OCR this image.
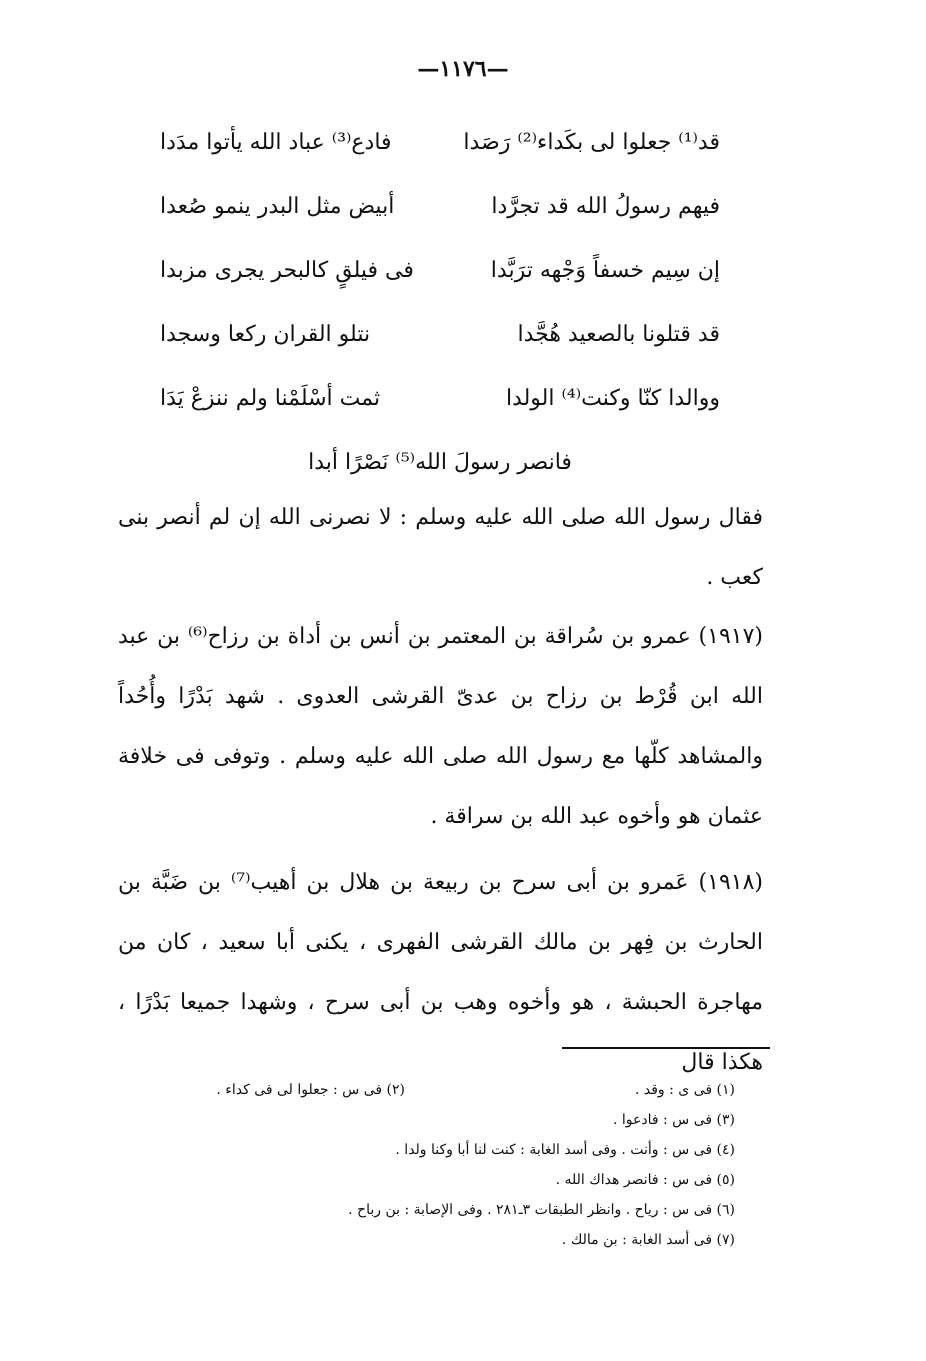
—١١٧٦—
قد⁽¹⁾ جعلوا لى بكَداء⁽²⁾ رَصَدا
فادع⁽³⁾ عباد الله يأتوا مدَدا
فيهم رسولُ الله قد تجرَّدا
أبيض مثل البدر ينمو صُعدا
إن سِيم خسفاً وَجْهه ترَبَّدا
فى فيلقٍ كالبحر يجرى مزبدا
قد قتلونا بالصعيد هُجَّدا
نتلو القران ركعا وسجدا
ووالدا كنّا وكنت⁽⁴⁾ الولدا
ثمت أسْلَمْنا ولم ننزعْ يَدَا
فانصر رسولَ الله⁽⁵⁾ نَصْرًا أبدا
فقال رسول الله صلى الله عليه وسلم : لا نصرنى الله إن لم أنصر بنى كعب .
(١٩١٧) عمرو بن سُراقة بن المعتمر بن أنس بن أداة بن رزاح⁽⁶⁾ بن عبد الله ابن قُرْط بن رزاح بن عدىّ القرشى العدوى . شهد بَدْرًا وأُحُداً والمشاهد كلّها مع رسول الله صلى الله عليه وسلم . وتوفى فى خلافة عثمان هو وأخوه عبد الله بن سراقة .
(١٩١٨) عَمرو بن أبى سرح بن ربيعة بن هلال بن أهيب⁽⁷⁾ بن ضَبَّة بن الحارث بن فِهر بن مالك القرشى الفهرى ، يكنى أبا سعيد ، كان من مهاجرة الحبشة ، هو وأخوه وهب بن أبى سرح ، وشهدا جميعا بَدْرًا ، هكذا قال
(١) فى ى : وقد .
(٢) فى س : جعلوا لى فى كداء .
(٣) فى س : فادعوا .
(٤) فى س : وأنت . وفى أسد الغابة : كنت لنا أبا وكنا ولدا .
(٥) فى س : فانصر هداك الله .
(٦) فى س : رياح . وانظر الطبقات ٣ـ٢٨١ . وفى الإصابة : بن رباح .
(٧) فى أسد الغابة : بن مالك .
